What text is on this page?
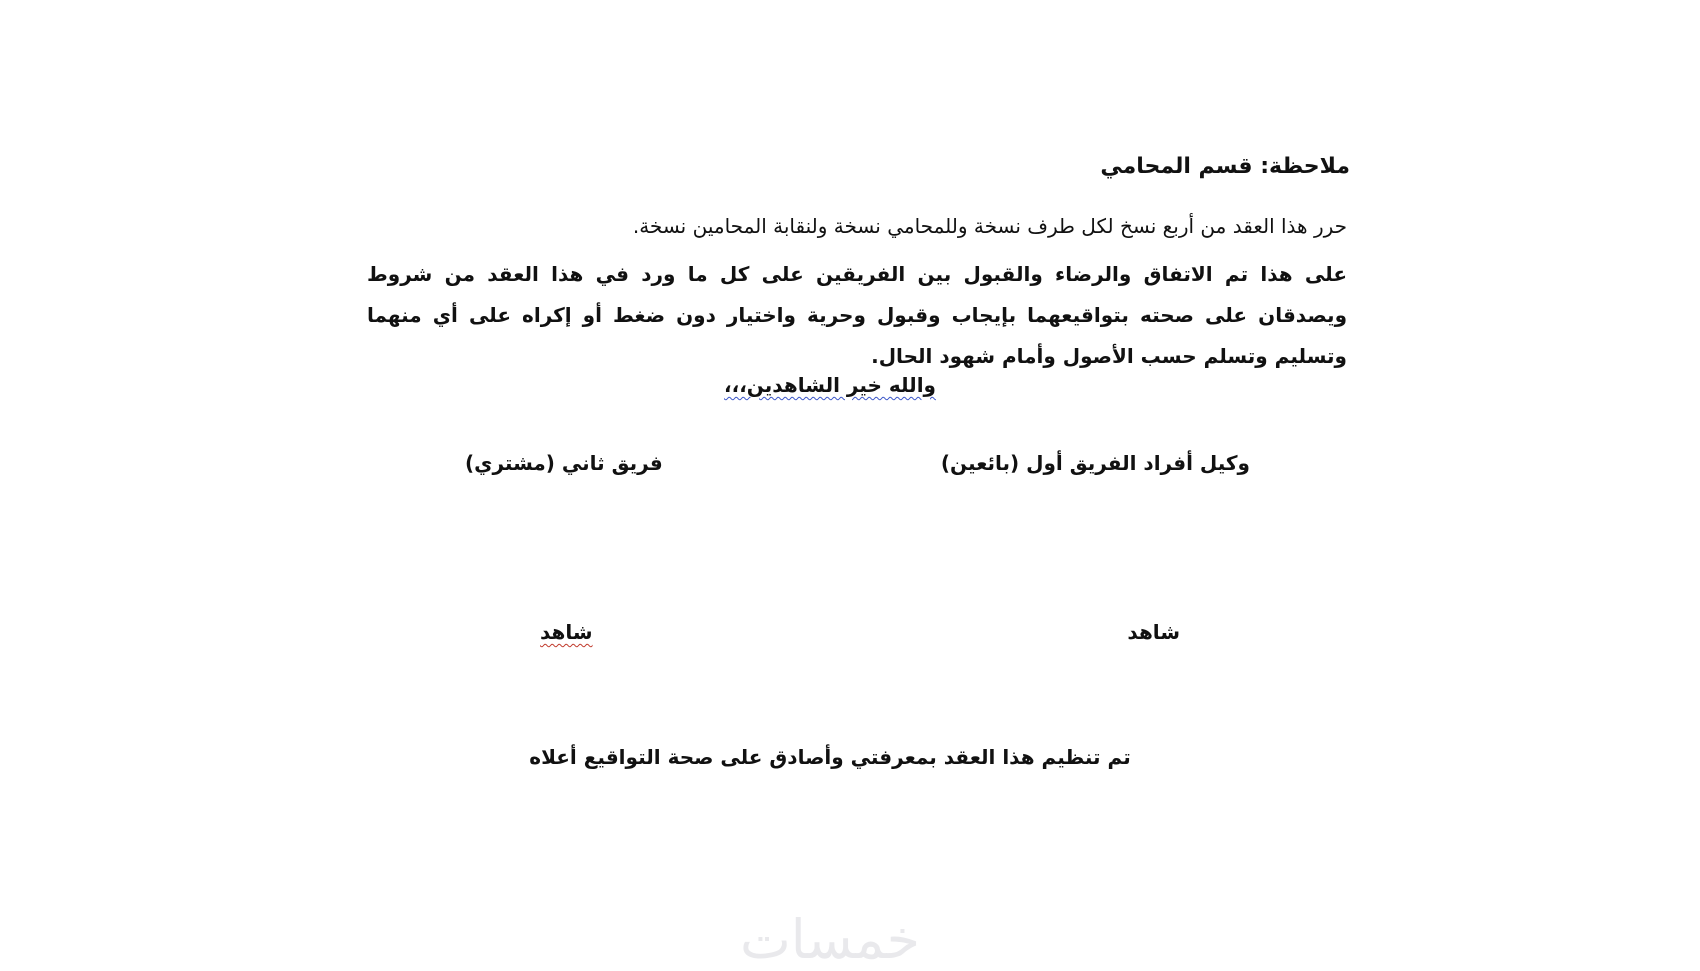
ملاحظة: قسم المحامي
حرر هذا العقد من أربع نسخ لكل طرف نسخة وللمحامي نسخة ولنقابة المحامين نسخة.
على هذا تم الاتفاق والرضاء والقبول بين الفريقين على كل ما ورد في هذا العقد من شروط ويصدقان على صحته بتواقيعهما بإيجاب وقبول وحرية واختيار دون ضغط أو إكراه على أي منهما وتسليم وتسلم حسب الأصول وأمام شهود الحال.
والله خير الشاهدين،،،
وكيل أفراد الفريق أول (بائعين)
فريق ثاني (مشتري)
شاهد
شاهد
تم تنظيم هذا العقد بمعرفتي وأصادق على صحة التواقيع أعلاه
خمسات
